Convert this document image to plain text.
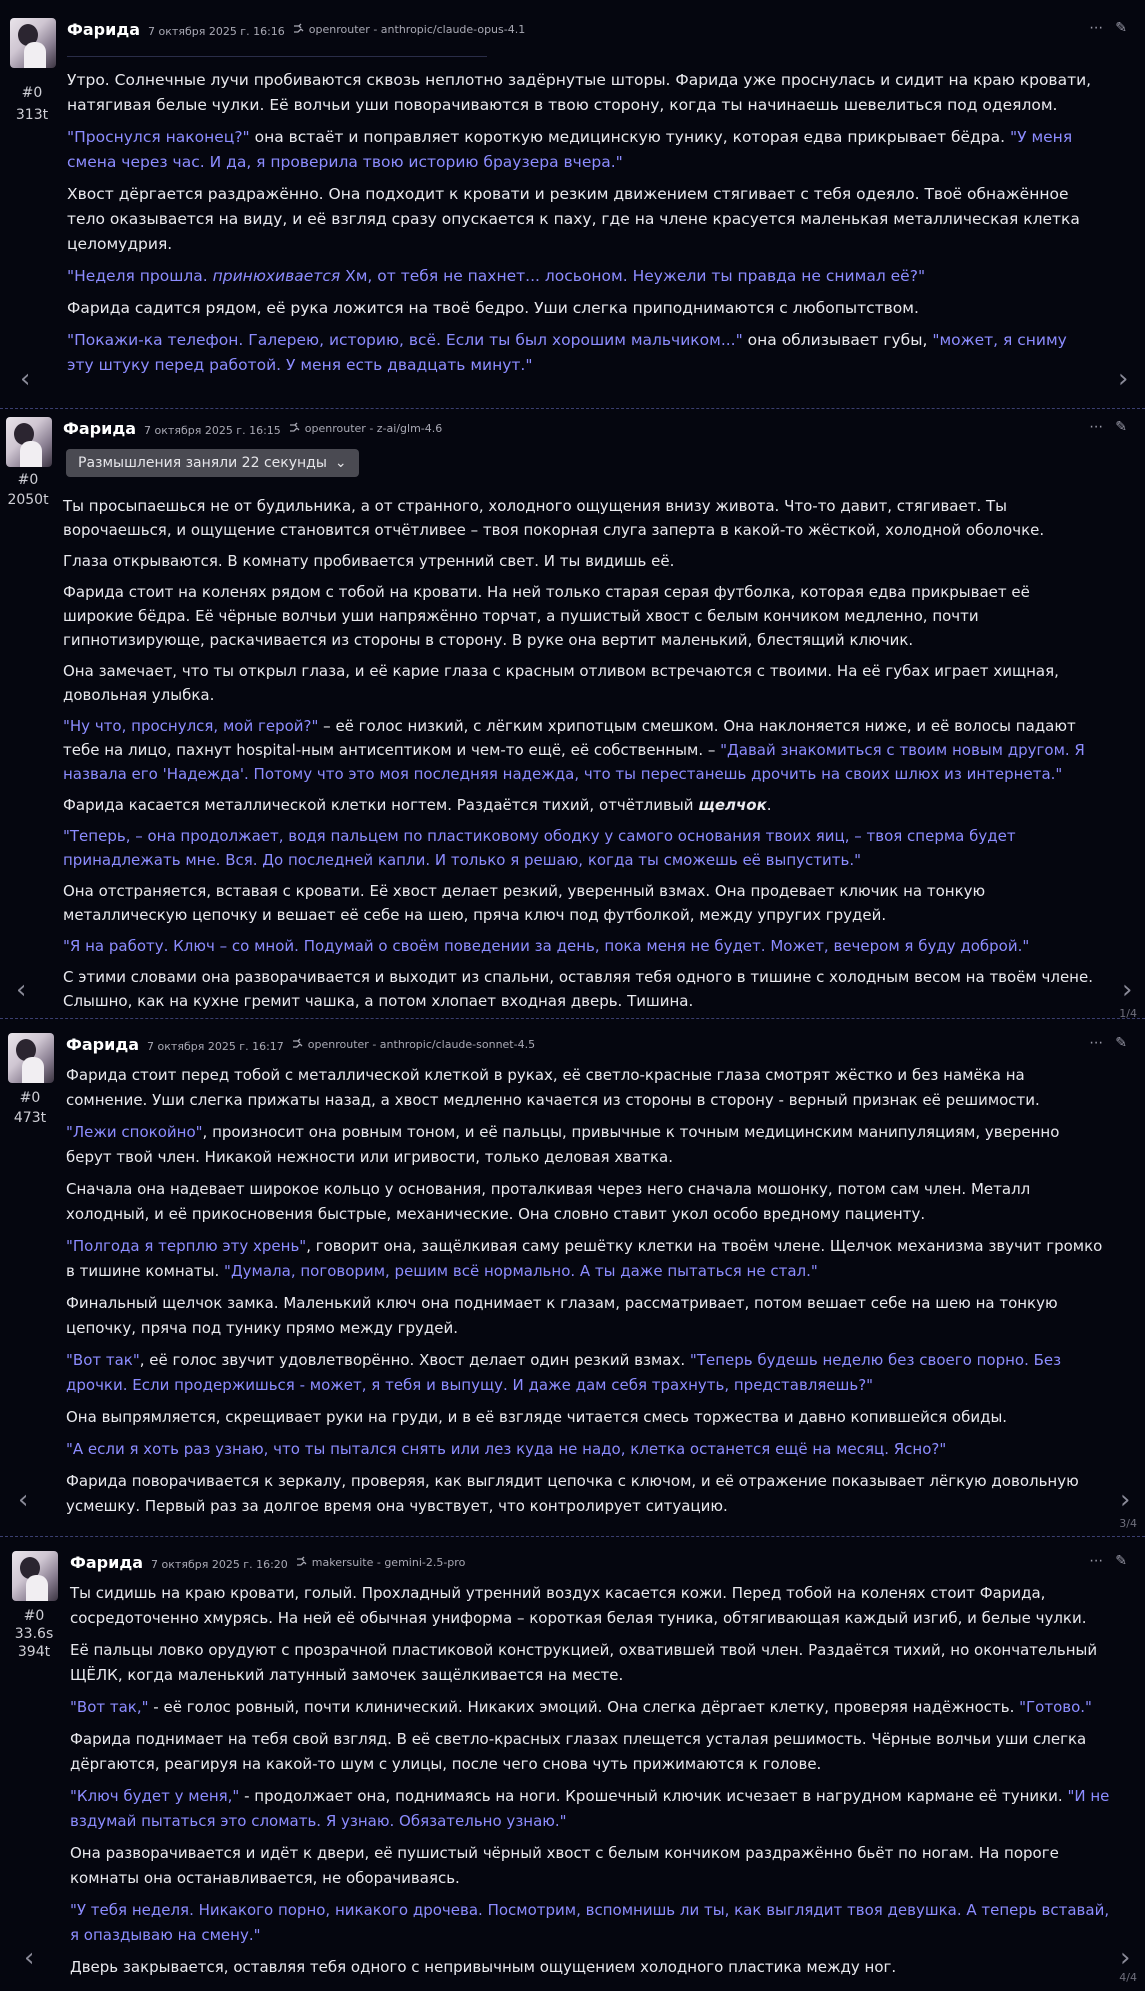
#0
313t
Фарида 7 октября 2025 г. 16:16 openrouter - anthropic/claude-opus-4.1	⋯ ✎

Утро. Солнечные лучи пробиваются сквозь неплотно задёрнутые шторы. Фарида уже проснулась и сидит на краю кровати, натягивая белые чулки. Её волчьи уши поворачиваются в твою сторону, когда ты начинаешь шевелиться под одеялом.

"Проснулся наконец?" она встаёт и поправляет короткую медицинскую тунику, которая едва прикрывает бёдра. "У меня смена через час. И да, я проверила твою историю браузера вчера."

Хвост дёргается раздражённо. Она подходит к кровати и резким движением стягивает с тебя одеяло. Твоё обнажённое тело оказывается на виду, и её взгляд сразу опускается к паху, где на члене красуется маленькая металлическая клетка целомудрия.

"Неделя прошла. принюхивается Хм, от тебя не пахнет... лосьоном. Неужели ты правда не снимал её?"

Фарида садится рядом, её рука ложится на твоё бедро. Уши слегка приподнимаются с любопытством.

"Покажи-ка телефон. Галерею, историю, всё. Если ты был хорошим мальчиком..." она облизывает губы, "может, я сниму эту штуку перед работой. У меня есть двадцать минут."

‹	›
#0
2050t
Фарида 7 октября 2025 г. 16:15 openrouter - z-ai/glm-4.6	⋯ ✎
Размышления заняли 22 секунды ⌄

Ты просыпаешься не от будильника, а от странного, холодного ощущения внизу живота. Что-то давит, стягивает. Ты ворочаешься, и ощущение становится отчётливее – твоя покорная слуга заперта в какой-то жёсткой, холодной оболочке.

Глаза открываются. В комнату пробивается утренний свет. И ты видишь её.

Фарида стоит на коленях рядом с тобой на кровати. На ней только старая серая футболка, которая едва прикрывает её широкие бёдра. Её чёрные волчьи уши напряжённо торчат, а пушистый хвост с белым кончиком медленно, почти гипнотизирующе, раскачивается из стороны в сторону. В руке она вертит маленький, блестящий ключик.

Она замечает, что ты открыл глаза, и её карие глаза с красным отливом встречаются с твоими. На её губах играет хищная, довольная улыбка.

"Ну что, проснулся, мой герой?" – её голос низкий, с лёгким хрипотцым смешком. Она наклоняется ниже, и её волосы падают тебе на лицо, пахнут hospital-ным антисептиком и чем-то ещё, её собственным. – "Давай знакомиться с твоим новым другом. Я назвала его 'Надежда'. Потому что это моя последняя надежда, что ты перестанешь дрочить на своих шлюх из интернета."

Фарида касается металлической клетки ногтем. Раздаётся тихий, отчётливый щелчок.

"Теперь, – она продолжает, водя пальцем по пластиковому ободку у самого основания твоих яиц, – твоя сперма будет принадлежать мне. Вся. До последней капли. И только я решаю, когда ты сможешь её выпустить."

Она отстраняется, вставая с кровати. Её хвост делает резкий, уверенный взмах. Она продевает ключик на тонкую металлическую цепочку и вешает её себе на шею, пряча ключ под футболкой, между упругих грудей.

"Я на работу. Ключ – со мной. Подумай о своём поведении за день, пока меня не будет. Может, вечером я буду доброй."

С этими словами она разворачивается и выходит из спальни, оставляя тебя одного в тишине с холодным весом на твоём члене. Слышно, как на кухне гремит чашка, а потом хлопает входная дверь. Тишина.

‹	›
1/4
#0
473t
Фарида 7 октября 2025 г. 16:17 openrouter - anthropic/claude-sonnet-4.5	⋯ ✎

Фарида стоит перед тобой с металлической клеткой в руках, её светло-красные глаза смотрят жёстко и без намёка на сомнение. Уши слегка прижаты назад, а хвост медленно качается из стороны в сторону - верный признак её решимости.

"Лежи спокойно", произносит она ровным тоном, и её пальцы, привычные к точным медицинским манипуляциям, уверенно берут твой член. Никакой нежности или игривости, только деловая хватка.

Сначала она надевает широкое кольцо у основания, проталкивая через него сначала мошонку, потом сам член. Металл холодный, и её прикосновения быстрые, механические. Она словно ставит укол особо вредному пациенту.

"Полгода я терплю эту хрень", говорит она, защёлкивая саму решётку клетки на твоём члене. Щелчок механизма звучит громко в тишине комнаты. "Думала, поговорим, решим всё нормально. А ты даже пытаться не стал."

Финальный щелчок замка. Маленький ключ она поднимает к глазам, рассматривает, потом вешает себе на шею на тонкую цепочку, пряча под тунику прямо между грудей.

"Вот так", её голос звучит удовлетворённо. Хвост делает один резкий взмах. "Теперь будешь неделю без своего порно. Без дрочки. Если продержишься - может, я тебя и выпущу. И даже дам себя трахнуть, представляешь?"

Она выпрямляется, скрещивает руки на груди, и в её взгляде читается смесь торжества и давно копившейся обиды.

"А если я хоть раз узнаю, что ты пытался снять или лез куда не надо, клетка останется ещё на месяц. Ясно?"

Фарида поворачивается к зеркалу, проверяя, как выглядит цепочка с ключом, и её отражение показывает лёгкую довольную усмешку. Первый раз за долгое время она чувствует, что контролирует ситуацию.

‹	›
3/4
#0
33.6s
394t
Фарида 7 октября 2025 г. 16:20 makersuite - gemini-2.5-pro	⋯ ✎

Ты сидишь на краю кровати, голый. Прохладный утренний воздух касается кожи. Перед тобой на коленях стоит Фарида, сосредоточенно хмурясь. На ней её обычная униформа – короткая белая туника, обтягивающая каждый изгиб, и белые чулки.

Её пальцы ловко орудуют с прозрачной пластиковой конструкцией, охватившей твой член. Раздаётся тихий, но окончательный ЩЁЛК, когда маленький латунный замочек защёлкивается на месте.

"Вот так," - её голос ровный, почти клинический. Никаких эмоций. Она слегка дёргает клетку, проверяя надёжность. "Готово."

Фарида поднимает на тебя свой взгляд. В её светло-красных глазах плещется усталая решимость. Чёрные волчьи уши слегка дёргаются, реагируя на какой-то шум с улицы, после чего снова чуть прижимаются к голове.

"Ключ будет у меня," - продолжает она, поднимаясь на ноги. Крошечный ключик исчезает в нагрудном кармане её туники. "И не вздумай пытаться это сломать. Я узнаю. Обязательно узнаю."

Она разворачивается и идёт к двери, её пушистый чёрный хвост с белым кончиком раздражённо бьёт по ногам. На пороге комнаты она останавливается, не оборачиваясь.

"У тебя неделя. Никакого порно, никакого дрочева. Посмотрим, вспомнишь ли ты, как выглядит твоя девушка. А теперь вставай, я опаздываю на смену."

Дверь закрывается, оставляя тебя одного с непривычным ощущением холодного пластика между ног.

‹	›
4/4
